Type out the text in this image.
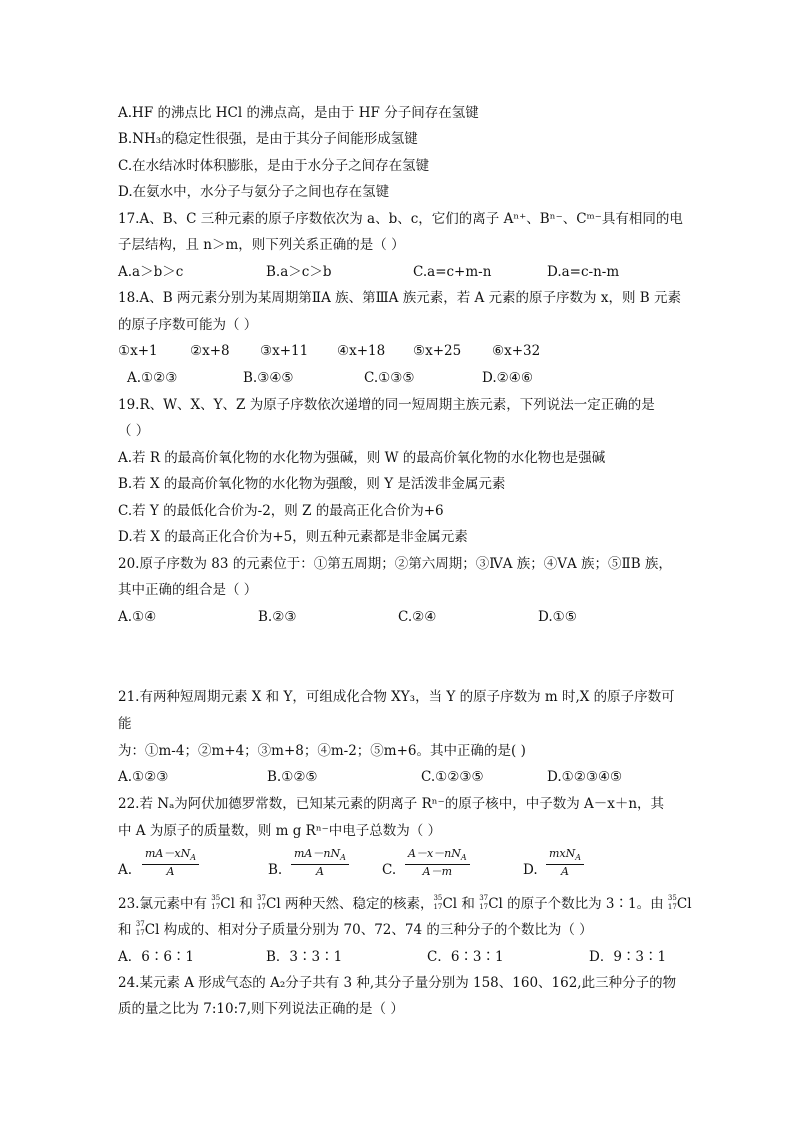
A.HF 的沸点比 HCl 的沸点高，是由于 HF 分子间存在氢键
B.NH₃的稳定性很强，是由于其分子间能形成氢键
C.在水结冰时体积膨胀，是由于水分子之间存在氢键
D.在氨水中，水分子与氨分子之间也存在氢键
17.A、B、C 三种元素的原子序数依次为 a、b、c，它们的离子 Aⁿ⁺、Bⁿ⁻、Cᵐ⁻具有相同的电
子层结构，且 n＞m，则下列关系正确的是（ ）
A.a＞b＞c	B.a＞c＞b	C.a=c+m-n	D.a=c-n-m
18.A、B 两元素分别为某周期第ⅡA 族、第ⅢA 族元素，若 A 元素的原子序数为 x，则 B 元素
的原子序数可能为（ ）
①x+1 ②x+8 ③x+11 ④x+18 ⑤x+25 ⑥x+32
A.①②③	B.③④⑤	C.①③⑤	D.②④⑥
19.R、W、X、Y、Z 为原子序数依次递增的同一短周期主族元素，下列说法一定正确的是
（ ）
A.若 R 的最高价氧化物的水化物为强碱，则 W 的最高价氧化物的水化物也是强碱
B.若 X 的最高价氧化物的水化物为强酸，则 Y 是活泼非金属元素
C.若 Y 的最低化合价为-2，则 Z 的最高正化合价为+6
D.若 X 的最高正化合价为+5，则五种元素都是非金属元素
20.原子序数为 83 的元素位于：①第五周期；②第六周期；③ⅣA 族；④ⅤA 族；⑤ⅡB 族，
其中正确的组合是（ ）
A.①④	B.②③	C.②④	D.①⑤
21.有两种短周期元素 X 和 Y，可组成化合物 XY₃，当 Y 的原子序数为 m 时,X 的原子序数可
能
为：①m-4；②m+4；③m+8；④m-2；⑤m+6。其中正确的是( )
A.①②③	B.①②⑤	C.①②③⑤	D.①②③④⑤
22.若 Nₐ为阿伏加德罗常数，已知某元素的阴离子 Rⁿ⁻的原子核中，中子数为 A－x＋n，其
中 A 为原子的质量数，则 m g Rⁿ⁻中电子总数为（ ）
A.
$mA-xN_A$
A	B.
$mA-nN_A$
A	C.
$A-x-nN_A$
A－m	D.
mxN$_A$
A
23.氯元素中有 35
17 Cl 和 37
17 Cl 两种天然、稳定的核素， 35
17 Cl 和 37
17 Cl 的原子个数比为 3∶1。由 35
17 Cl
和 37
17 Cl 构成的、相对分子质量分别为 70、72、74 的三种分子的个数比为（ ）
A．6∶6∶1	B．3∶3∶1	C．6∶3∶1	D．9∶3∶1
24.某元素 A 形成气态的 A₂分子共有 3 种,其分子量分别为 158、160、162,此三种分子的物
质的量之比为 7:10:7,则下列说法正确的是（ ）
